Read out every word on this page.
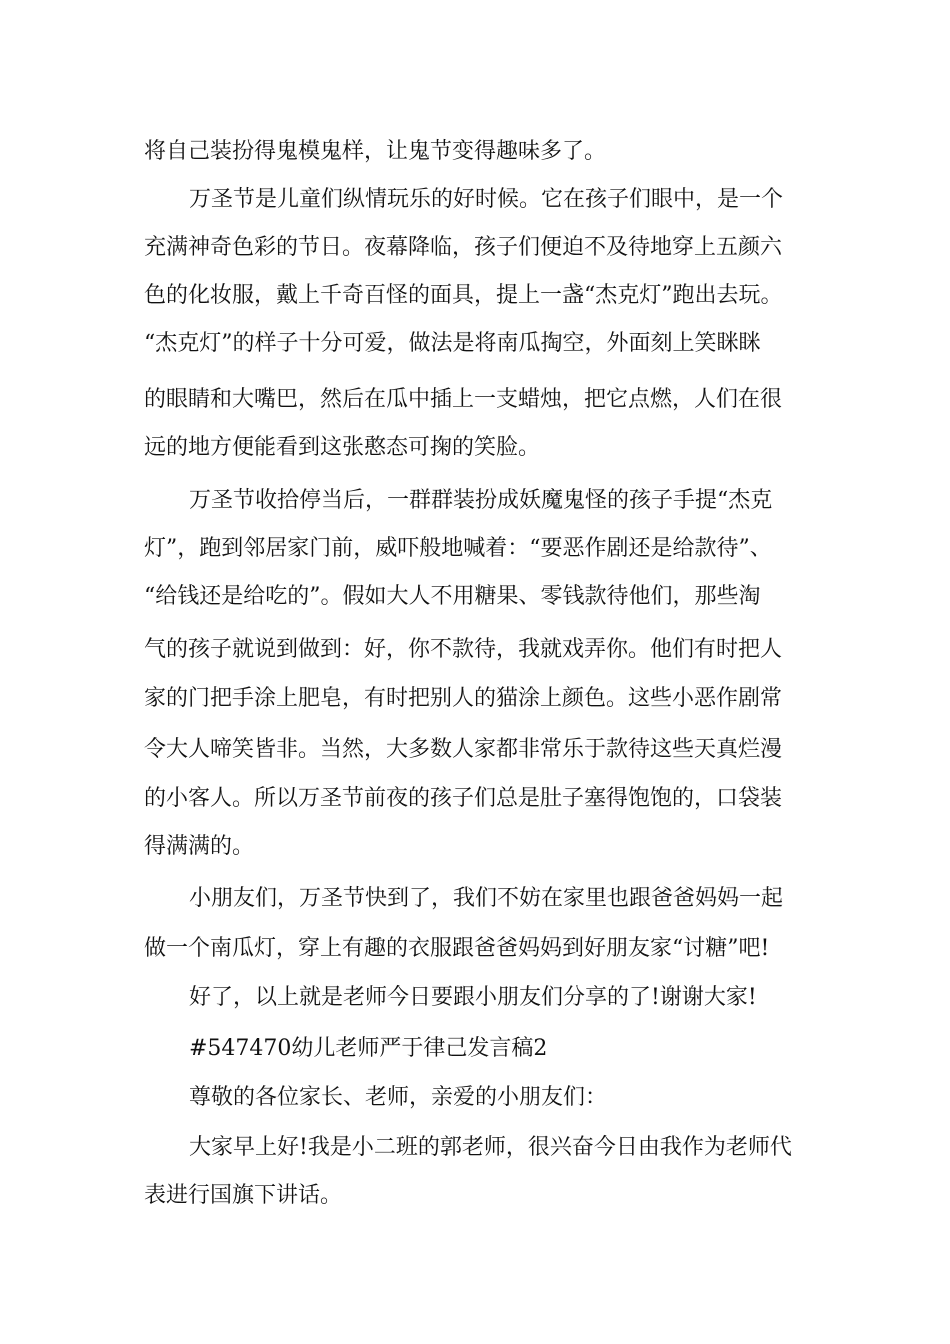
将自己装扮得鬼模鬼样，让鬼节变得趣味多了。
万圣节是儿童们纵情玩乐的好时候。它在孩子们眼中，是一个
充满神奇色彩的节日。夜幕降临，孩子们便迫不及待地穿上五颜六
色的化妆服，戴上千奇百怪的面具，提上一盏“杰克灯”跑出去玩。
“杰克灯”的样子十分可爱，做法是将南瓜掏空，外面刻上笑眯眯
的眼睛和大嘴巴，然后在瓜中插上一支蜡烛，把它点燃，人们在很
远的地方便能看到这张憨态可掬的笑脸。
万圣节收拾停当后，一群群装扮成妖魔鬼怪的孩子手提“杰克
灯”，跑到邻居家门前，威吓般地喊着：“要恶作剧还是给款待”、
“给钱还是给吃的”。假如大人不用糖果、零钱款待他们，那些淘
气的孩子就说到做到：好，你不款待，我就戏弄你。他们有时把人
家的门把手涂上肥皂，有时把别人的猫涂上颜色。这些小恶作剧常
令大人啼笑皆非。当然，大多数人家都非常乐于款待这些天真烂漫
的小客人。所以万圣节前夜的孩子们总是肚子塞得饱饱的，口袋装
得满满的。
小朋友们，万圣节快到了，我们不妨在家里也跟爸爸妈妈一起
做一个南瓜灯，穿上有趣的衣服跟爸爸妈妈到好朋友家“讨糖”吧!
好了，以上就是老师今日要跟小朋友们分享的了!谢谢大家!
#547470幼儿老师严于律己发言稿2
尊敬的各位家长、老师，亲爱的小朋友们：
大家早上好!我是小二班的郭老师，很兴奋今日由我作为老师代
表进行国旗下讲话。
